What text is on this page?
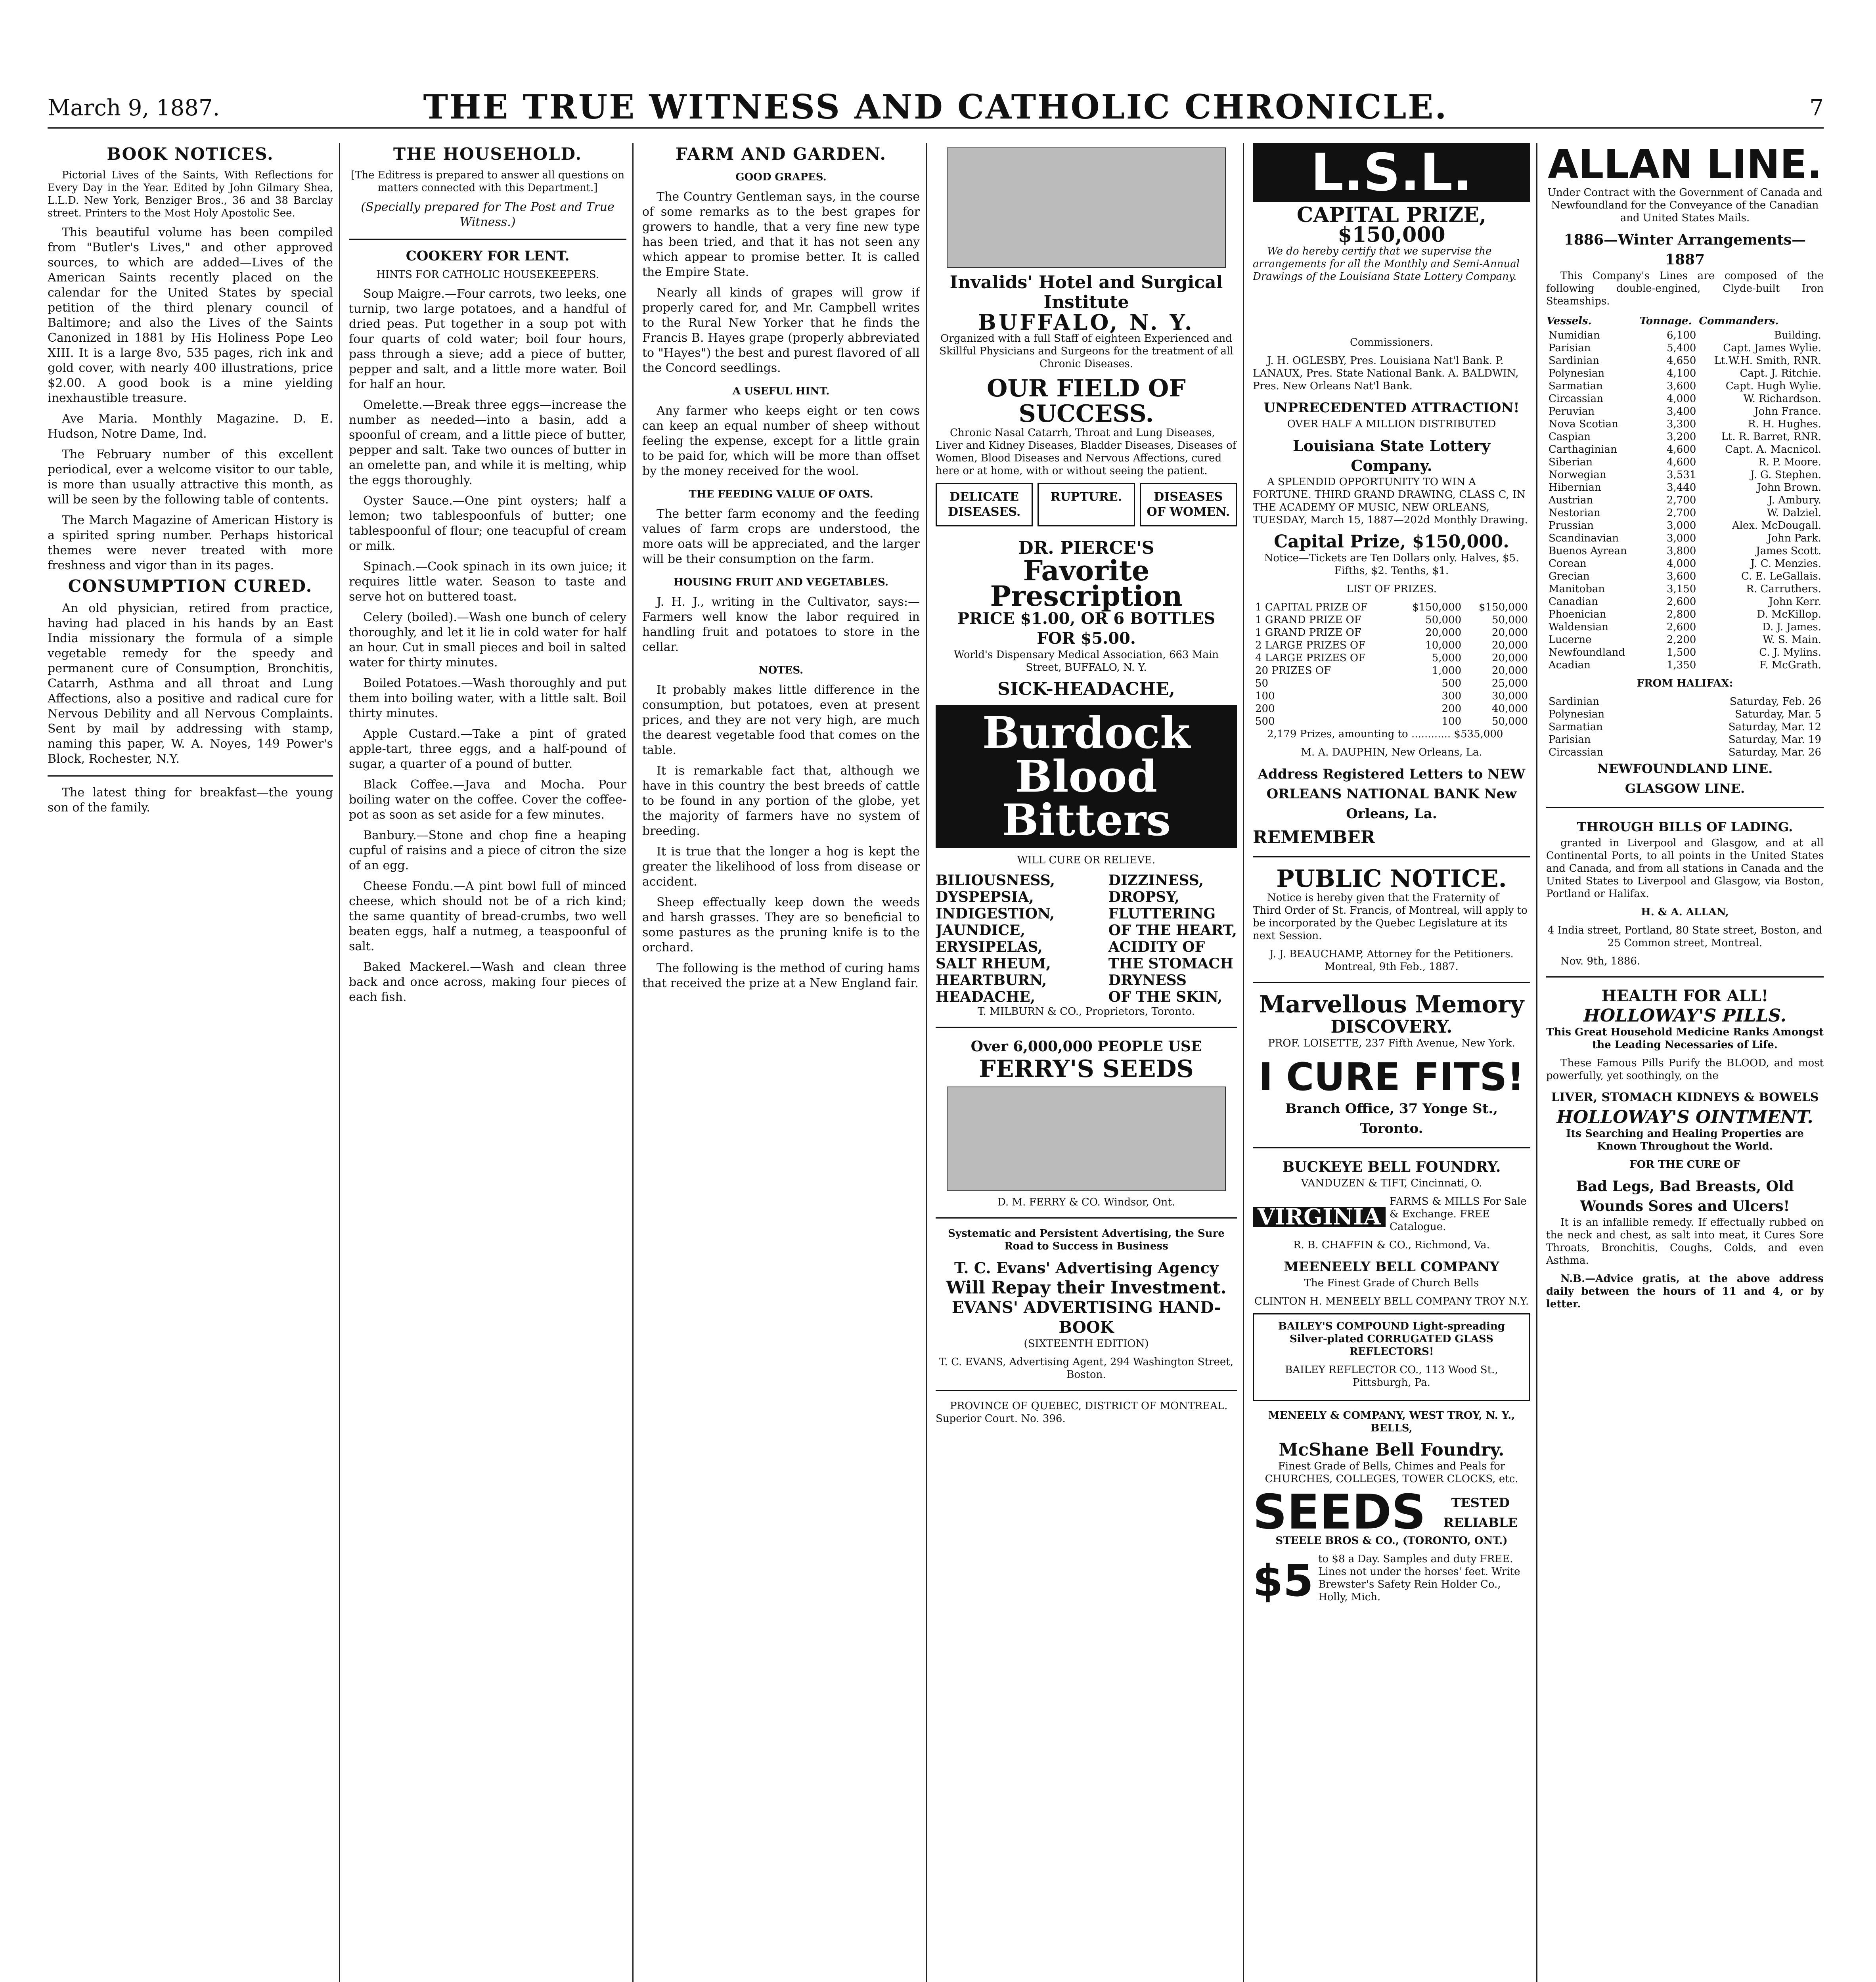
March 9, 1887.	THE TRUE WITNESS AND CATHOLIC CHRONICLE.	7
BOOK NOTICES.

Pictorial Lives of the Saints, With Reflections for Every Day in the Year. Edited by John Gilmary Shea, L.L.D. New York, Benziger Bros., 36 and 38 Barclay street. Printers to the Most Holy Apostolic See.

This beautiful volume has been compiled from "Butler's Lives," and other approved sources, to which are added—Lives of the American Saints recently placed on the calendar for the United States by special petition of the third plenary council of Baltimore; and also the Lives of the Saints Canonized in 1881 by His Holiness Pope Leo XIII. It is a large 8vo, 535 pages, rich ink and gold cover, with nearly 400 illustrations, price $2.00. A good book is a mine yielding inexhaustible treasure.

Ave Maria. Monthly Magazine. D. E. Hudson, Notre Dame, Ind.

The February number of this excellent periodical, ever a welcome visitor to our table, is more than usually attractive this month, as will be seen by the following table of contents.

The March Magazine of American History is a spirited spring number. Perhaps historical themes were never treated with more freshness and vigor than in its pages.

CONSUMPTION CURED.

An old physician, retired from practice, having had placed in his hands by an East India missionary the formula of a simple vegetable remedy for the speedy and permanent cure of Consumption, Bronchitis, Catarrh, Asthma and all throat and Lung Affections, also a positive and radical cure for Nervous Debility and all Nervous Complaints. Sent by mail by addressing with stamp, naming this paper, W. A. Noyes, 149 Power's Block, Rochester, N.Y.

The latest thing for breakfast—the young son of the family.

THE HOUSEHOLD.

[The Editress is prepared to answer all questions on matters connected with this Department.]

(Specially prepared for The Post and True Witness.)

COOKERY FOR LENT.

HINTS FOR CATHOLIC HOUSEKEEPERS.

Soup Maigre.—Four carrots, two leeks, one turnip, two large potatoes, and a handful of dried peas. Put together in a soup pot with four quarts of cold water; boil four hours, pass through a sieve; add a piece of butter, pepper and salt, and a little more water. Boil for half an hour.

Omelette.—Break three eggs—increase the number as needed—into a basin, add a spoonful of cream, and a little piece of butter, pepper and salt. Take two ounces of butter in an omelette pan, and while it is melting, whip the eggs thoroughly.

Oyster Sauce.—One pint oysters; half a lemon; two tablespoonfuls of butter; one tablespoonful of flour; one teacupful of cream or milk.

Spinach.—Cook spinach in its own juice; it requires little water. Season to taste and serve hot on buttered toast.

Celery (boiled).—Wash one bunch of celery thoroughly, and let it lie in cold water for half an hour. Cut in small pieces and boil in salted water for thirty minutes.

Boiled Potatoes.—Wash thoroughly and put them into boiling water, with a little salt. Boil thirty minutes.

Apple Custard.—Take a pint of grated apple-tart, three eggs, and a half-pound of sugar, a quarter of a pound of butter.

Black Coffee.—Java and Mocha. Pour boiling water on the coffee. Cover the coffee-pot as soon as set aside for a few minutes.

Banbury.—Stone and chop fine a heaping cupful of raisins and a piece of citron the size of an egg.

Cheese Fondu.—A pint bowl full of minced cheese, which should not be of a rich kind; the same quantity of bread-crumbs, two well beaten eggs, half a nutmeg, a teaspoonful of salt.

Baked Mackerel.—Wash and clean three back and once across, making four pieces of each fish.

FARM AND GARDEN.
GOOD GRAPES.

The Country Gentleman says, in the course of some remarks as to the best grapes for growers to handle, that a very fine new type has been tried, and that it has not seen any which appear to promise better. It is called the Empire State.

Nearly all kinds of grapes will grow if properly cared for, and Mr. Campbell writes to the Rural New Yorker that he finds the Francis B. Hayes grape (properly abbreviated to "Hayes") the best and purest flavored of all the Concord seedlings.

A USEFUL HINT.

Any farmer who keeps eight or ten cows can keep an equal number of sheep without feeling the expense, except for a little grain to be paid for, which will be more than offset by the money received for the wool.

THE FEEDING VALUE OF OATS.

The better farm economy and the feeding values of farm crops are understood, the more oats will be appreciated, and the larger will be their consumption on the farm.

HOUSING FRUIT AND VEGETABLES.

J. H. J., writing in the Cultivator, says:— Farmers well know the labor required in handling fruit and potatoes to store in the cellar.

NOTES.

It probably makes little difference in the consumption, but potatoes, even at present prices, and they are not very high, are much the dearest vegetable food that comes on the table.

It is remarkable fact that, although we have in this country the best breeds of cattle to be found in any portion of the globe, yet the majority of farmers have no system of breeding.

It is true that the longer a hog is kept the greater the likelihood of loss from disease or accident.

Sheep effectually keep down the weeds and harsh grasses. They are so beneficial to some pastures as the pruning knife is to the orchard.

The following is the method of curing hams that received the prize at a New England fair.

Invalids' Hotel and Surgical Institute
BUFFALO, N. Y.

Organized with a full Staff of eighteen Experienced and Skillful Physicians and Surgeons for the treatment of all Chronic Diseases.

OUR FIELD OF SUCCESS.

Chronic Nasal Catarrh, Throat and Lung Diseases, Liver and Kidney Diseases, Bladder Diseases, Diseases of Women, Blood Diseases and Nervous Affections, cured here or at home, with or without seeing the patient.

DELICATE DISEASES.
RUPTURE.	DISEASES OF WOMEN.
DR. PIERCE'S
Favorite Prescription
PRICE $1.00, OR 6 BOTTLES FOR $5.00.

World's Dispensary Medical Association, 663 Main Street, BUFFALO, N. Y.

SICK-HEADACHE,
Burdock
Blood
Bitters

WILL CURE OR RELIEVE.

BILIOUSNESS,
DYSPEPSIA,
INDIGESTION,
JAUNDICE,
ERYSIPELAS,
SALT RHEUM,
HEARTBURN,
HEADACHE,
DIZZINESS,
DROPSY,
FLUTTERING
OF THE HEART,
ACIDITY OF
THE STOMACH
DRYNESS
OF THE SKIN,

T. MILBURN & CO., Proprietors, Toronto.

Over 6,000,000 PEOPLE USE
FERRY'S SEEDS

D. M. FERRY & CO. Windsor, Ont.

Systematic and Persistent Advertising, the Sure Road to Success in Business

T. C. Evans' Advertising Agency
Will Repay their Investment.
EVANS' ADVERTISING HAND-BOOK

(SIXTEENTH EDITION)

T. C. EVANS, Advertising Agent, 294 Washington Street, Boston.

PROVINCE OF QUEBEC, DISTRICT OF MONTREAL. Superior Court. No. 396.

L.S.L.
CAPITAL PRIZE, $150,000

We do hereby certify that we supervise the arrangements for all the Monthly and Semi-Annual Drawings of the Louisiana State Lottery Company.

Commissioners.

J. H. OGLESBY, Pres. Louisiana Nat'l Bank. P. LANAUX, Pres. State National Bank. A. BALDWIN, Pres. New Orleans Nat'l Bank.

UNPRECEDENTED ATTRACTION!

OVER HALF A MILLION DISTRIBUTED

Louisiana State Lottery Company.

A SPLENDID OPPORTUNITY TO WIN A FORTUNE. THIRD GRAND DRAWING, CLASS C, IN THE ACADEMY OF MUSIC, NEW ORLEANS, TUESDAY, March 15, 1887—202d Monthly Drawing.

Capital Prize, $150,000.

Notice—Tickets are Ten Dollars only. Halves, $5. Fifths, $2. Tenths, $1.

LIST OF PRIZES.

1 CAPITAL PRIZE OF	$150,000	$150,000
1 GRAND PRIZE OF	50,000	50,000
1 GRAND PRIZE OF	20,000	20,000
2 LARGE PRIZES OF	10,000	20,000
4 LARGE PRIZES OF	5,000	20,000
20 PRIZES OF	1,000	20,000
50	500	25,000
100	300	30,000
200	200	40,000
500	100	50,000

2,179 Prizes, amounting to ............ $535,000

M. A. DAUPHIN, New Orleans, La.

Address Registered Letters to NEW ORLEANS NATIONAL BANK New Orleans, La.
REMEMBER
PUBLIC NOTICE.

Notice is hereby given that the Fraternity of Third Order of St. Francis, of Montreal, will apply to be incorporated by the Quebec Legislature at its next Session.

J. J. BEAUCHAMP, Attorney for the Petitioners. Montreal, 9th Feb., 1887.

Marvellous Memory
DISCOVERY.

PROF. LOISETTE, 237 Fifth Avenue, New York.

I CURE FITS!
Branch Office, 37 Yonge St., Toronto.
BUCKEYE BELL FOUNDRY.

VANDUZEN & TIFT, Cincinnati, O.

VIRGINIA

FARMS & MILLS For Sale & Exchange. FREE Catalogue.

R. B. CHAFFIN & CO., Richmond, Va.

MEENEELY BELL COMPANY

The Finest Grade of Church Bells

CLINTON H. MENEELY BELL COMPANY TROY N.Y.

BAILEY'S COMPOUND Light-spreading Silver-plated CORRUGATED GLASS REFLECTORS!

BAILEY REFLECTOR CO., 113 Wood St., Pittsburgh, Pa.

MENEELY & COMPANY, WEST TROY, N. Y., BELLS,

McShane Bell Foundry.

Finest Grade of Bells, Chimes and Peals for CHURCHES, COLLEGES, TOWER CLOCKS, etc.

SEEDS	TESTED RELIABLE

STEELE BROS & CO., (TORONTO, ONT.)

$5 to $8 a Day. Samples and duty FREE. Lines not under the horses' feet. Write Brewster's Safety Rein Holder Co., Holly, Mich.

ALLAN LINE.

Under Contract with the Government of Canada and Newfoundland for the Conveyance of the Canadian and United States Mails.

1886—Winter Arrangements—1887

This Company's Lines are composed of the following double-engined, Clyde-built Iron Steamships.

Vessels.	Tonnage.	Commanders.
Numidian	6,100	Building.
Parisian	5,400	Capt. James Wylie.
Sardinian	4,650	Lt.W.H. Smith, RNR.
Polynesian	4,100	Capt. J. Ritchie.
Sarmatian	3,600	Capt. Hugh Wylie.
Circassian	4,000	W. Richardson.
Peruvian	3,400	John France.
Nova Scotian	3,300	R. H. Hughes.
Caspian	3,200	Lt. R. Barret, RNR.
Carthaginian	4,600	Capt. A. Macnicol.
Siberian	4,600	R. P. Moore.
Norwegian	3,531	J. G. Stephen.
Hibernian	3,440	John Brown.
Austrian	2,700	J. Ambury.
Nestorian	2,700	W. Dalziel.
Prussian	3,000	Alex. McDougall.
Scandinavian	3,000	John Park.
Buenos Ayrean	3,800	James Scott.
Corean	4,000	J. C. Menzies.
Grecian	3,600	C. E. LeGallais.
Manitoban	3,150	R. Carruthers.
Canadian	2,600	John Kerr.
Phoenician	2,800	D. McKillop.
Waldensian	2,600	D. J. James.
Lucerne	2,200	W. S. Main.
Newfoundland	1,500	C. J. Mylins.
Acadian	1,350	F. McGrath.

FROM HALIFAX:

Sardinian	Saturday, Feb. 26
Polynesian	Saturday, Mar. 5
Sarmatian	Saturday, Mar. 12
Parisian	Saturday, Mar. 19
Circassian	Saturday, Mar. 26
NEWFOUNDLAND LINE.
GLASGOW LINE.
THROUGH BILLS OF LADING.

granted in Liverpool and Glasgow, and at all Continental Ports, to all points in the United States and Canada, and from all stations in Canada and the United States to Liverpool and Glasgow, via Boston, Portland or Halifax.

H. & A. ALLAN,

4 India street, Portland, 80 State street, Boston, and 25 Common street, Montreal.

Nov. 9th, 1886.

HEALTH FOR ALL!
HOLLOWAY'S PILLS.

This Great Household Medicine Ranks Amongst the Leading Necessaries of Life.

These Famous Pills Purify the BLOOD, and most powerfully, yet soothingly, on the

LIVER, STOMACH KIDNEYS & BOWELS
HOLLOWAY'S OINTMENT.

Its Searching and Healing Properties are Known Throughout the World.

FOR THE CURE OF

Bad Legs, Bad Breasts, Old Wounds Sores and Ulcers!

It is an infallible remedy. If effectually rubbed on the neck and chest, as salt into meat, it Cures Sore Throats, Bronchitis, Coughs, Colds, and even Asthma.

N.B.—Advice gratis, at the above address daily between the hours of 11 and 4, or by letter.
